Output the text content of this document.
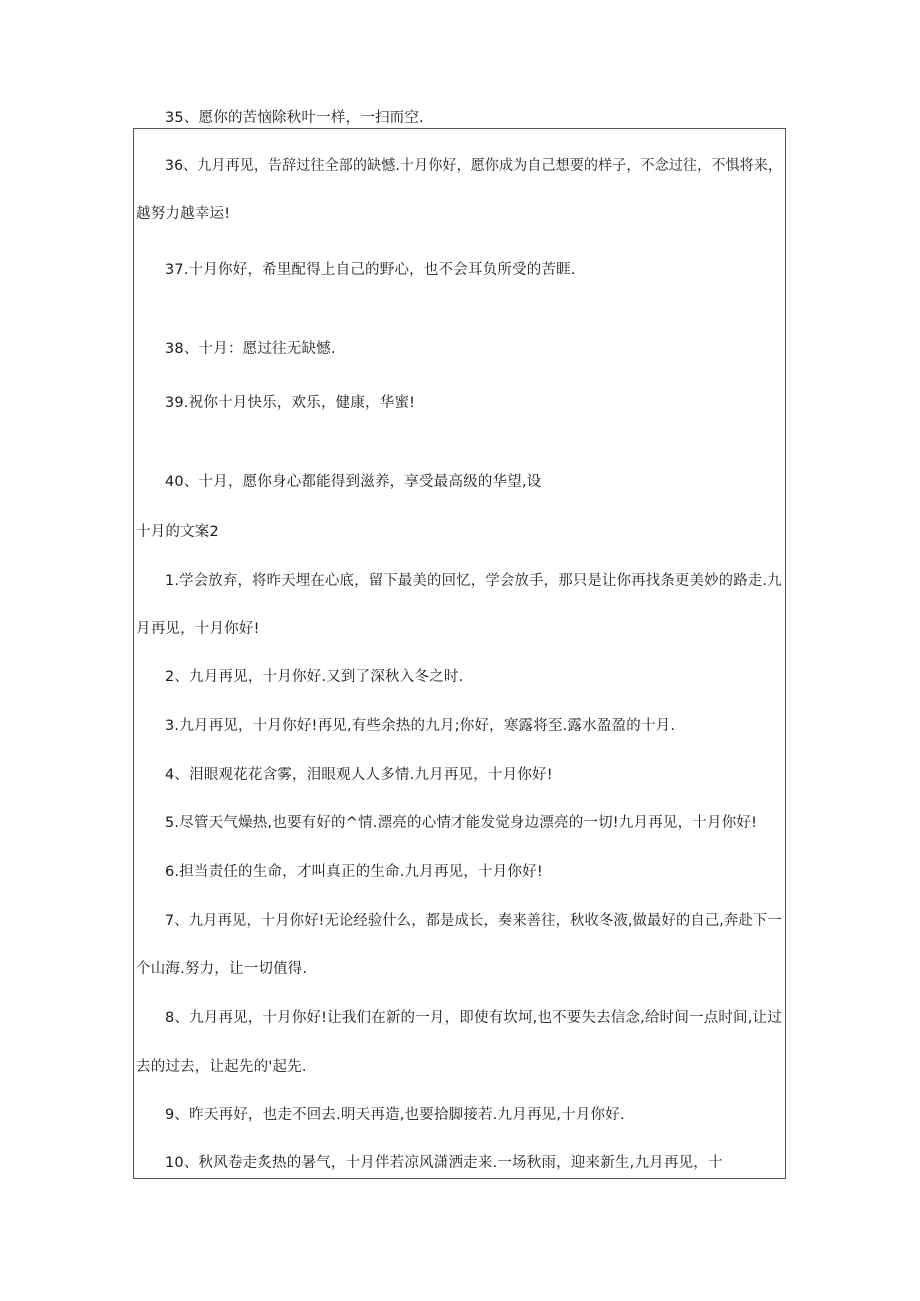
35、愿你的苦恼除秋叶一样，一扫而空.
36、九月再见，告辞过往全部的缺憾.十月你好，愿你成为自己想要的样子，不念过往，不惧将来，
越努力越幸运!
37.十月你好，希里配得上自己的野心，也不会耳负所受的苦睚.
38、十月：愿过往无缺憾.
39.祝你十月快乐，欢乐，健康，华蜜!
40、十月，愿你身心都能得到滋养，享受最高级的华望,设
十月的文案2
1.学会放弃，将昨天埋在心底，留下最美的回忆，学会放手，那只是让你再找条更美妙的路走.九
月再见，十月你好!
2、九月再见，十月你好.又到了深秋入冬之时.
3.九月再见，十月你好!再见,有些余热的九月;你好，寒露将至.露水盈盈的十月.
4、泪眼观花花含雾，泪眼观人人多情.九月再见，十月你好!
5.尽管天气燥热,也要有好的^情.漂亮的心情才能发觉身边漂亮的一切!九月再见，十月你好!
6.担当责任的生命，才叫真正的生命.九月再见，十月你好!
7、九月再见，十月你好!无论经验什么，都是成长，奏来善往，秋收冬液,做最好的自己,奔赴下一
个山海.努力，让一切值得.
8、九月再见，十月你好!让我们在新的一月，即使有坎坷,也不要失去信念,给时间一点时间,让过
去的过去，让起先的'起先.
9、昨天再好，也走不回去.明天再造,也要拾脚接若.九月再见,十月你好.
10、秋风卷走炙热的暑气，十月伴若凉风潇洒走来.一场秋雨，迎来新生,九月再见，十
